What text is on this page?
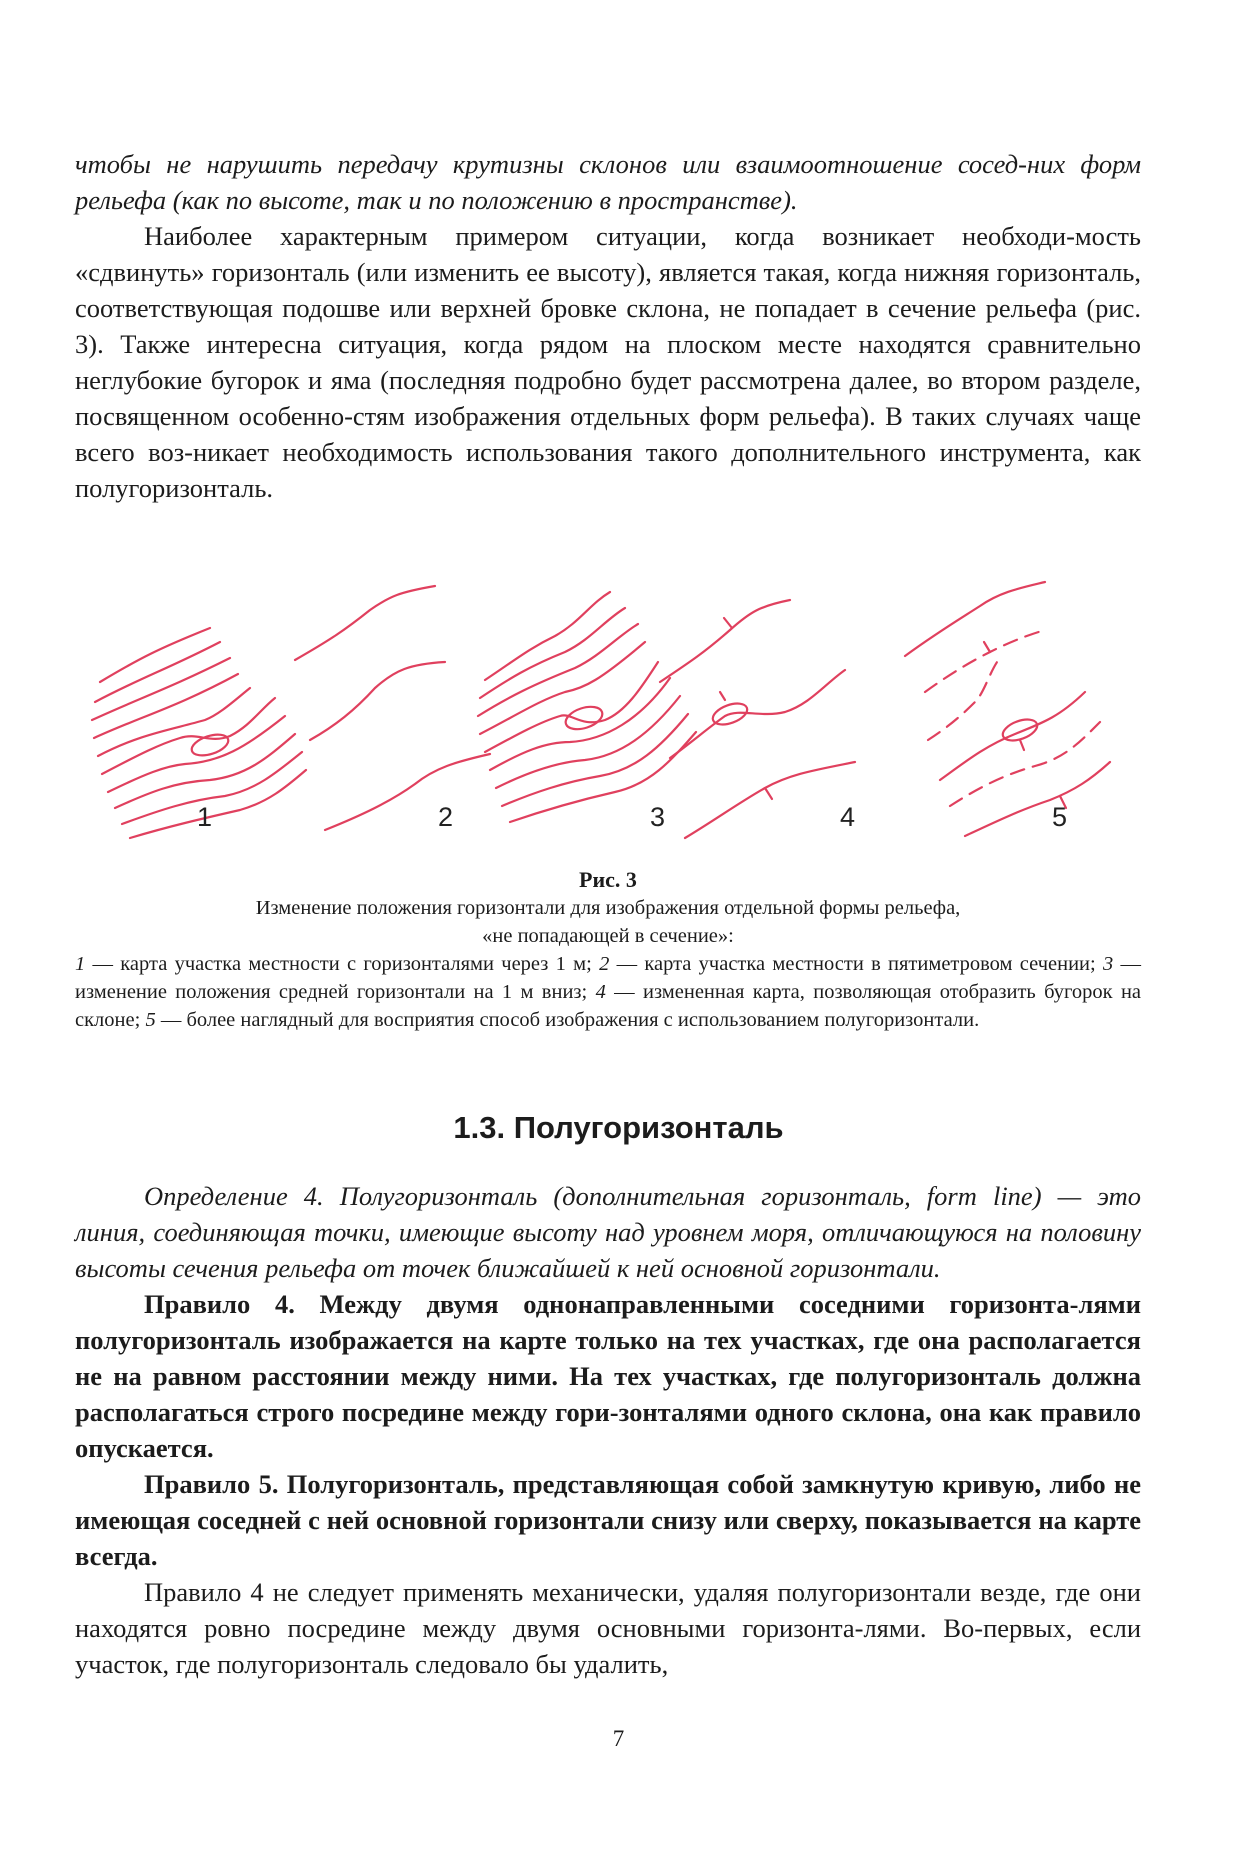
чтобы не нарушить передачу крутизны склонов или взаимоотношение сосед-них форм рельефа (как по высоте, так и по положению в пространстве).

Наиболее характерным примером ситуации, когда возникает необходи-мость «сдвинуть» горизонталь (или изменить ее высоту), является такая, когда нижняя горизонталь, соответствующая подошве или верхней бровке склона, не попадает в сечение рельефа (рис. 3). Также интересна ситуация, когда рядом на плоском месте находятся сравнительно неглубокие бугорок и яма (последняя подробно будет рассмотрена далее, во втором разделе, посвященном особенно-стям изображения отдельных форм рельефа). В таких случаях чаще всего воз-никает необходимость использования такого дополнительного инструмента, как полугоризонталь.

1	2	3	4	5

Рис. 3

Изменение положения горизонтали для изображения отдельной формы рельефа,

«не попадающей в сечение»:

1 — карта участка местности с горизонталями через 1 м; 2 — карта участка местности в пятиметровом сечении; 3 — изменение положения средней горизонтали на 1 м вниз; 4 — измененная карта, позволяющая отобразить бугорок на склоне; 5 — более наглядный для восприятия способ изображения с использованием полугоризонтали.

1.3. Полугоризонталь

Определение 4. Полугоризонталь (дополнительная горизонталь, form line) — это линия, соединяющая точки, имеющие высоту над уровнем моря, отличающуюся на половину высоты сечения рельефа от точек ближайшей к ней основной горизонтали.

Правило 4. Между двумя однонаправленными соседними горизонта-лями полугоризонталь изображается на карте только на тех участках, где она располагается не на равном расстоянии между ними. На тех участках, где полугоризонталь должна располагаться строго посредине между гори-зонталями одного склона, она как правило опускается.

Правило 5. Полугоризонталь, представляющая собой замкнутую кривую, либо не имеющая соседней с ней основной горизонтали снизу или сверху, показывается на карте всегда.

Правило 4 не следует применять механически, удаляя полугоризонтали везде, где они находятся ровно посредине между двумя основными горизонта-лями. Во-первых, если участок, где полугоризонталь следовало бы удалить,

7
